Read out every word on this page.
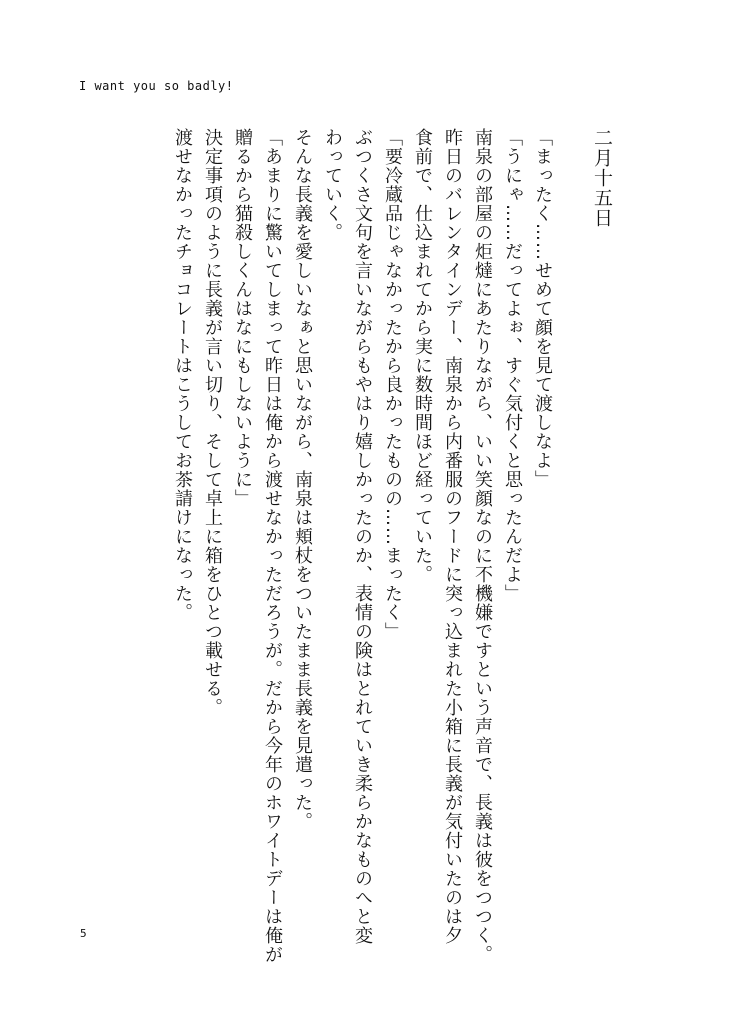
I want you so badly!
二月十五日
「まったく……せめて顔を見て渡しなよ」
「うにゃ……だってよぉ、すぐ気付くと思ったんだよ」
南泉の部屋の炬燵にあたりながら、いい笑顔なのに不機嫌ですという声音で、長義は彼をつつく。
昨日のバレンタインデー、南泉から内番服のフードに突っ込まれた小箱に長義が気付いたのは夕
食前で、仕込まれてから実に数時間ほど経っていた。
「要冷蔵品じゃなかったから良かったものの……まったく」
ぶつくさ文句を言いながらもやはり嬉しかったのか、表情の険はとれていき柔らかなものへと変
わっていく。
そんな長義を愛しいなぁと思いながら、南泉は頬杖をついたまま長義を見遣った。
「あまりに驚いてしまって昨日は俺から渡せなかっただろうが。だから今年のホワイトデーは俺が
贈るから猫殺しくんはなにもしないように」
決定事項のように長義が言い切り、そして卓上に箱をひとつ載せる。
渡せなかったチョコレートはこうしてお茶請けになった。
5
